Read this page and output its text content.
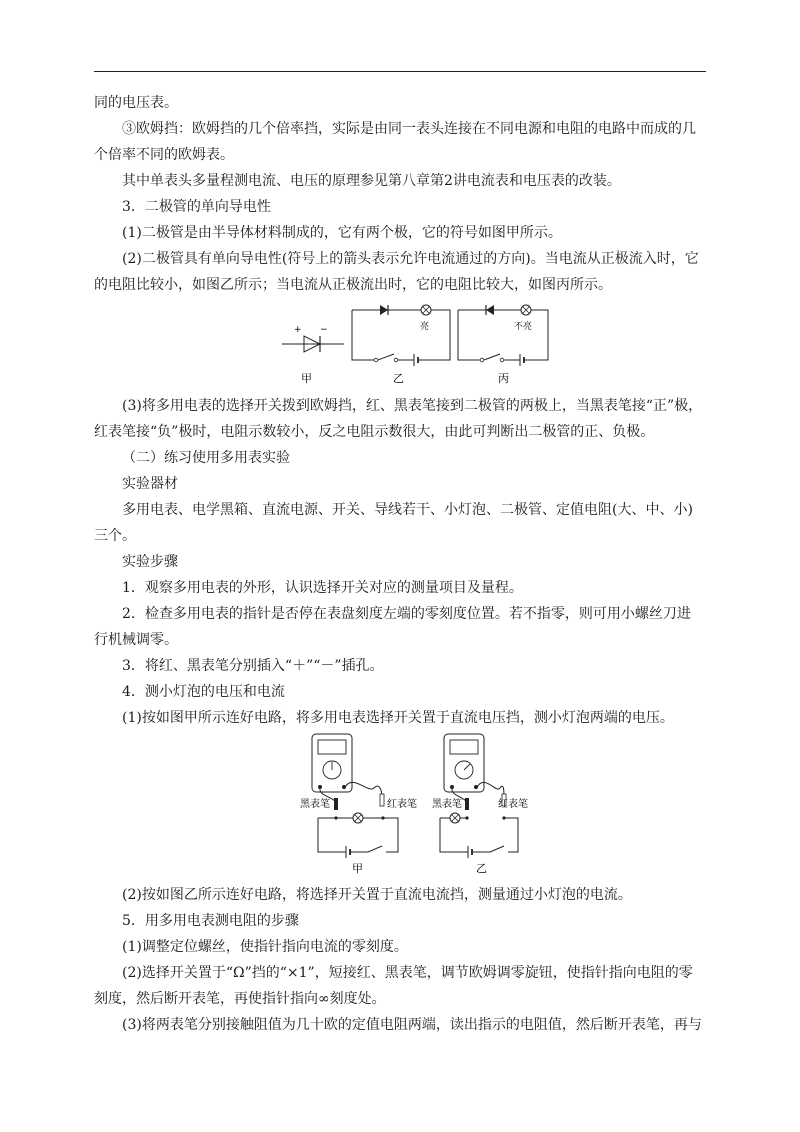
同的电压表。
③欧姆挡：欧姆挡的几个倍率挡，实际是由同一表头连接在不同电源和电阻的电路中而成的几
个倍率不同的欧姆表。
其中单表头多量程测电流、电压的原理参见第八章第2讲电流表和电压表的改装。
3．二极管的单向导电性
(1)二极管是由半导体材料制成的，它有两个极，它的符号如图甲所示。
(2)二极管具有单向导电性(符号上的箭头表示允许电流通过的方向)。当电流从正极流入时，它
的电阻比较小，如图乙所示；当电流从正极流出时，它的电阻比较大，如图丙所示。
+ −
甲
亮
乙
不亮
丙
(3)将多用电表的选择开关拨到欧姆挡，红、黑表笔接到二极管的两极上，当黑表笔接“正”极，
红表笔接“负”极时，电阻示数较小，反之电阻示数很大，由此可判断出二极管的正、负极。
（二）练习使用多用表实验
实验器材
多用电表、电学黑箱、直流电源、开关、导线若干、小灯泡、二极管、定值电阻(大、中、小)
三个。
实验步骤
1．观察多用电表的外形，认识选择开关对应的测量项目及量程。
2．检查多用电表的指针是否停在表盘刻度左端的零刻度位置。若不指零，则可用小螺丝刀进
行机械调零。
3．将红、黑表笔分别插入“＋”“－”插孔。
4．测小灯泡的电压和电流
(1)按如图甲所示连好电路，将多用电表选择开关置于直流电压挡，测小灯泡两端的电压。
黑表笔	红表笔
甲
黑表笔	红表笔
乙
(2)按如图乙所示连好电路，将选择开关置于直流电流挡，测量通过小灯泡的电流。
5．用多用电表测电阻的步骤
(1)调整定位螺丝，使指针指向电流的零刻度。
(2)选择开关置于“Ω”挡的“×1”，短接红、黑表笔，调节欧姆调零旋钮，使指针指向电阻的零
刻度，然后断开表笔，再使指针指向∞刻度处。
(3)将两表笔分别接触阻值为几十欧的定值电阻两端，读出指示的电阻值，然后断开表笔，再与
